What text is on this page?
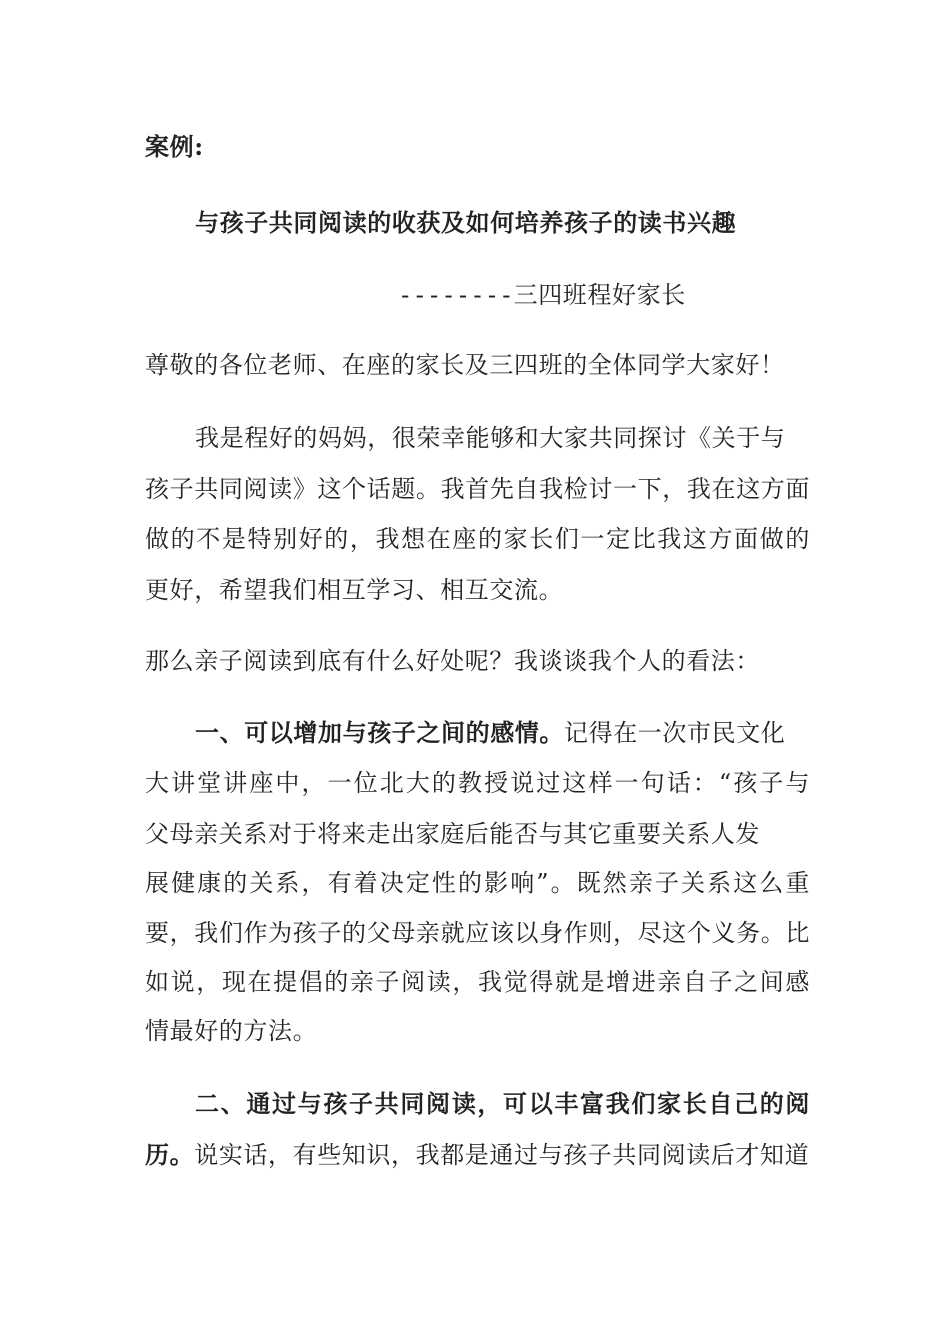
案例:
与孩子共同阅读的收获及如何培养孩子的读书兴趣
--------三四班程好家长
尊敬的各位老师、在座的家长及三四班的全体同学大家好！
我是程好的妈妈，很荣幸能够和大家共同探讨《关于与
孩子共同阅读》这个话题。我首先自我检讨一下，我在这方面
做的不是特别好的，我想在座的家长们一定比我这方面做的
更好，希望我们相互学习、相互交流。
那么亲子阅读到底有什么好处呢？我谈谈我个人的看法：
一、可以增加与孩子之间的感情。记得在一次市民文化
大讲堂讲座中，一位北大的教授说过这样一句话：“孩子与
父母亲关系对于将来走出家庭后能否与其它重要关系人发
展健康的关系，有着决定性的影响”。既然亲子关系这么重
要，我们作为孩子的父母亲就应该以身作则，尽这个义务。比
如说，现在提倡的亲子阅读，我觉得就是增进亲自子之间感
情最好的方法。
二、通过与孩子共同阅读，可以丰富我们家长自己的阅
历。说实话，有些知识，我都是通过与孩子共同阅读后才知道
